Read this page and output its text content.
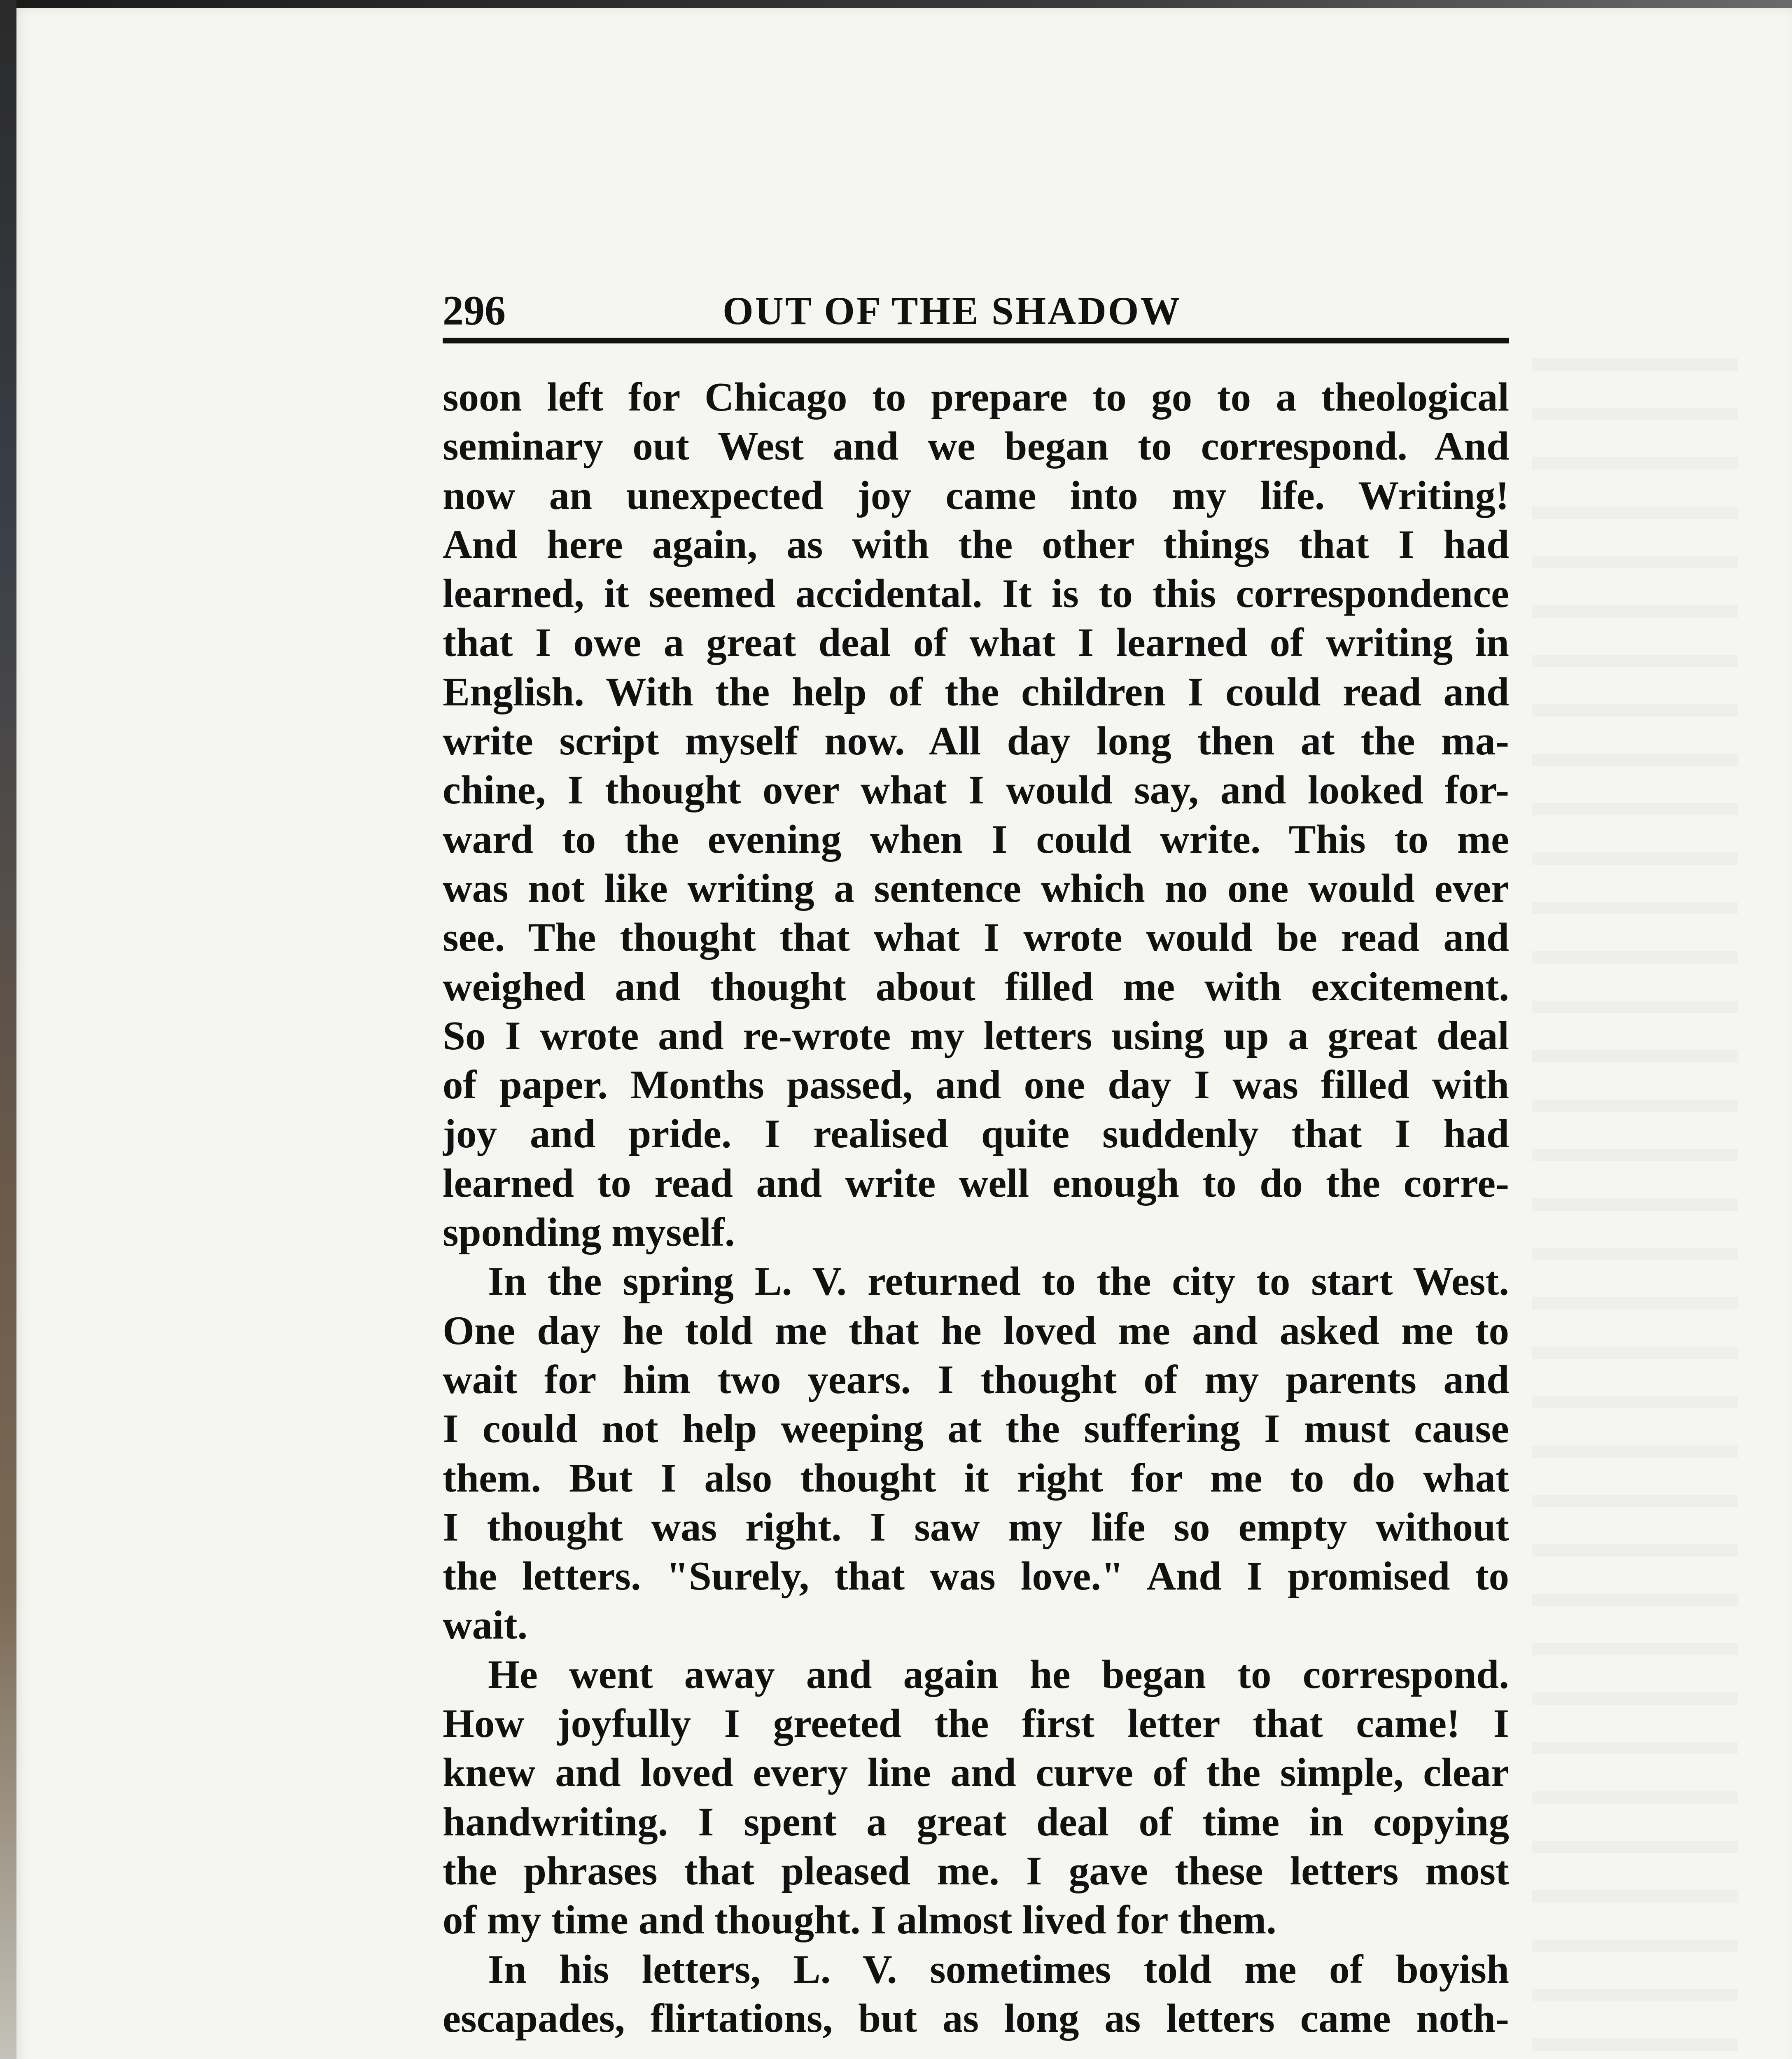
296	OUT OF THE SHADOW
soon left for Chicago to prepare to go to a theological
seminary out West and we began to correspond. And
now an unexpected joy came into my life. Writing!
And here again, as with the other things that I had
learned, it seemed accidental. It is to this correspondence
that I owe a great deal of what I learned of writing in
English. With the help of the children I could read and
write script myself now. All day long then at the ma-
chine, I thought over what I would say, and looked for-
ward to the evening when I could write. This to me
was not like writing a sentence which no one would ever
see. The thought that what I wrote would be read and
weighed and thought about filled me with excitement.
So I wrote and re-wrote my letters using up a great deal
of paper. Months passed, and one day I was filled with
joy and pride. I realised quite suddenly that I had
learned to read and write well enough to do the corre-
sponding myself.
In the spring L. V. returned to the city to start West.
One day he told me that he loved me and asked me to
wait for him two years. I thought of my parents and
I could not help weeping at the suffering I must cause
them. But I also thought it right for me to do what
I thought was right. I saw my life so empty without
the letters. "Surely, that was love." And I promised to
wait.
He went away and again he began to correspond.
How joyfully I greeted the first letter that came! I
knew and loved every line and curve of the simple, clear
handwriting. I spent a great deal of time in copying
the phrases that pleased me. I gave these letters most
of my time and thought. I almost lived for them.
In his letters, L. V. sometimes told me of boyish
escapades, flirtations, but as long as letters came noth-
